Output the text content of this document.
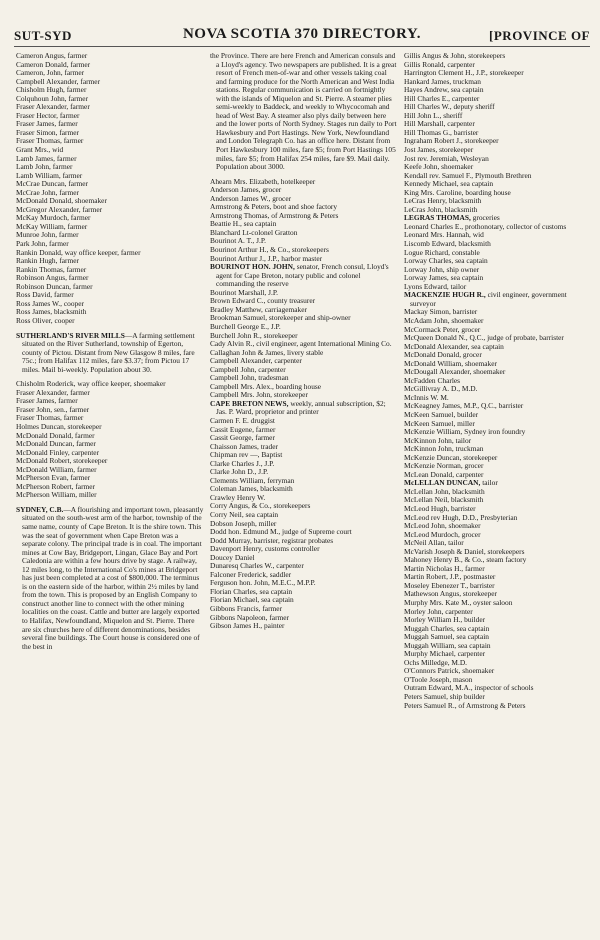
SUT-SYD	NOVA SCOTIA 370 DIRECTORY.	[PROVINCE OF
Cameron Angus, farmer
Cameron Donald, farmer
Cameron, John, farmer
Campbell Alexander, farmer
Chisholm Hugh, farmer
Colquhoun John, farmer
Fraser Alexander, farmer
Fraser Hector, farmer
Fraser James, farmer
Fraser Simon, farmer
Fraser Thomas, farmer
Grant Mrs., wid
Lamb James, farmer
Lamb John, farmer
Lamb William, farmer
McCrae Duncan, farmer
McCrae John, farmer
McDonald Donald, shoemaker
McGregor Alexander, farmer
McKay Murdoch, farmer
McKay William, farmer
Munroe John, farmer
Park John, farmer
Rankin Donald, way office keeper, farmer
Rankin Hugh, farmer
Rankin Thomas, farmer
Robinson Angus, farmer
Robinson Duncan, farmer
Ross David, farmer
Ross James W., cooper
Ross James, blacksmith
Ross Oliver, cooper
SUTHERLAND'S RIVER MILLS—A farming settlement situated on the River Sutherland, township of Egerton, county of Pictou. Distant from New Glasgow 8 miles, fare 75c.; from Halifax 112 miles, fare $3.37; from Pictou 17 miles. Mail bi-weekly. Population about 30.
Chisholm Roderick, way office keeper, shoemaker
Fraser Alexander, farmer
Fraser James, farmer
Fraser John, sen., farmer
Fraser Thomas, farmer
Holmes Duncan, storekeeper
McDonald Donald, farmer
McDonald Duncan, farmer
McDonald Finley, carpenter
McDonald Robert, storekeeper
McDonald William, farmer
McPherson Evan, farmer
McPherson Robert, farmer
McPherson William, miller
SYDNEY, C.B.—A flourishing and important town, pleasantly situated on the south-west arm of the harbor, township of the same name, county of Cape Breton. It is the shire town. This was the seat of government when Cape Breton was a separate colony. The principal trade is in coal. The important mines at Cow Bay, Bridgeport, Lingan, Glace Bay and Port Caledonia are within a few hours drive by stage. A railway, 12 miles long, to the International Co's mines at Bridgeport has just been completed at a cost of $800,000. The terminus is on the eastern side of the harbor, within 2½ miles by land from the town. This is proposed by an English Company to construct another line to connect with the other mining localities on the coast. Cattle and butter are largely exported to Halifax, Newfoundland, Miquelon and St. Pierre. There are six churches here of different denominations, besides several fine buildings. The Court house is considered one of the best in
the Province. There are here French and American consuls and a Lloyd's agency. Two newspapers are published. It is a great resort of French men-of-war and other vessels taking coal and farming produce for the North American and West India stations. Regular communication is carried on fortnightly with the islands of Miquelon and St. Pierre. A steamer plies semi-weekly to Baddeck, and weekly to Whycocomah and head of West Bay. A steamer also plys daily between here and the lower ports of North Sydney. Stages run daily to Port Hawkesbury and Port Hastings. New York, Newfoundland and London Telegraph Co. has an office here. Distant from Port Hawkesbury 100 miles, fare $5; from Port Hastings 105 miles, fare $5; from Halifax 254 miles, fare $9. Mail daily. Population about 3000.
Ahearn Mrs. Elizabeth, hotelkeeper
Anderson James, grocer
Anderson James W., grocer
Armstrong & Peters, boot and shoe factory
Armstrong Thomas, of Armstrong & Peters
Beattie H., sea captain
Blanchard Lt-colonel Gratton
Bourinot A. T., J.P.
Bourinot Arthur H., & Co., storekeepers
Bourinot Arthur J., J.P., harbor master
BOURINOT HON. JOHN, senator, French consul, Lloyd's agent for Cape Breton, notary public and colonel commanding the reserve
Bourinot Marshall, J.P.
Brown Edward C., county treasurer
Bradley Matthew, carriagemaker
Brookman Samuel, storekeeper and ship-owner
Burchell George E., J.P.
Burchell John R., storekeeper
Cady Alvin R., civil engineer, agent International Mining Co.
Callaghan John & James, livery stable
Campbell Alexander, carpenter
Campbell John, carpenter
Campbell John, tradesman
Campbell Mrs. Alex., boarding house
Campbell Mrs. John, storekeeper
CAPE BRETON NEWS, weekly, annual subscription, $2; Jas. P. Ward, proprietor and printer
Carmen F. E. druggist
Cassit Eugene, farmer
Cassit George, farmer
Chaisson James, trader
Chipman rev —, Baptist
Clarke Charles J., J.P.
Clarke John D., J.P.
Clements William, ferryman
Coleman James, blacksmith
Crawley Henry W.
Corry Angus, & Co., storekeepers
Corry Neil, sea captain
Dobson Joseph, miller
Dodd hon. Edmund M., judge of Supreme court
Dodd Murray, barrister, registrar probates
Davenport Henry, customs controller
Doucey Daniel
Dunaresq Charles W., carpenter
Falconer Frederick, saddler
Ferguson hon. John, M.E.C., M.P.P.
Florian Charles, sea captain
Florian Michael, sea captain
Gibbons Francis, farmer
Gibbons Napoleon, farmer
Gibson James H., painter
Gillis Angus & John, storekeepers
Gillis Ronald, carpenter
Harrington Clement H., J.P., storekeeper
Hankard James, truckman
Hayes Andrew, sea captain
Hill Charles E., carpenter
Hill Charles W., deputy sheriff
Hill John L., sheriff
Hill Marshall, carpenter
Hill Thomas G., barrister
Ingraham Robert J., storekeeper
Jost James, storekeeper
Jost rev. Jeremiah, Wesleyan
Keefe John, shoemaker
Kendall rev. Samuel F., Plymouth Brethren
Kennedy Michael, sea captain
King Mrs. Caroline, boarding house
LeCras Henry, blacksmith
LeCras John, blacksmith
LEGRAS THOMAS, groceries
Leonard Charles E., prothonotary, collector of customs
Leonard Mrs. Hannah, wid
Liscomb Edward, blacksmith
Logue Richard, constable
Lorway Charles, sea captain
Lorway John, ship owner
Lorway James, sea captain
Lyons Edward, tailor
MACKENZIE HUGH R., civil engineer, government surveyor
Mackay Simon, barrister
McAdam John, shoemaker
McCormack Peter, grocer
McQueen Donald N., Q.C., judge of probate, barrister
McDonald Alexander, sea captain
McDonald Donald, grocer
McDonald William, shoemaker
McDougall Alexander, shoemaker
McFadden Charles
McGillivray A. D., M.D.
McInnis W. M.
McKeagney James, M.P., Q.C., barrister
McKeen Samuel, builder
McKeen Samuel, miller
McKenzie William, Sydney iron foundry
McKinnon John, tailor
McKinnon John, truckman
McKenzie Duncan, storekeeper
McKenzie Norman, grocer
McLean Donald, carpenter
McLELLAN DUNCAN, tailor
McLellan John, blacksmith
McLellan Neil, blacksmith
McLeod Hugh, barrister
McLeod rev Hugh, D.D., Presbyterian
McLeod John, shoemaker
McLeod Murdoch, grocer
McNeil Allan, tailor
McVarish Joseph & Daniel, storekeepers
Mahoney Henry B., & Co., steam factory
Martin Nicholas H., farmer
Martin Robert, J.P., postmaster
Moseley Ebenezer T., barrister
Mathewson Angus, storekeeper
Murphy Mrs. Kate M., oyster saloon
Morley John, carpenter
Morley William H., builder
Muggah Charles, sea captain
Muggah Samuel, sea captain
Muggah William, sea captain
Murphy Michael, carpenter
Ochs Milledge, M.D.
O'Connors Patrick, shoemaker
O'Toole Joseph, mason
Outram Edward, M.A., inspector of schools
Peters Samuel, ship builder
Peters Samuel R., of Armstrong & Peters
